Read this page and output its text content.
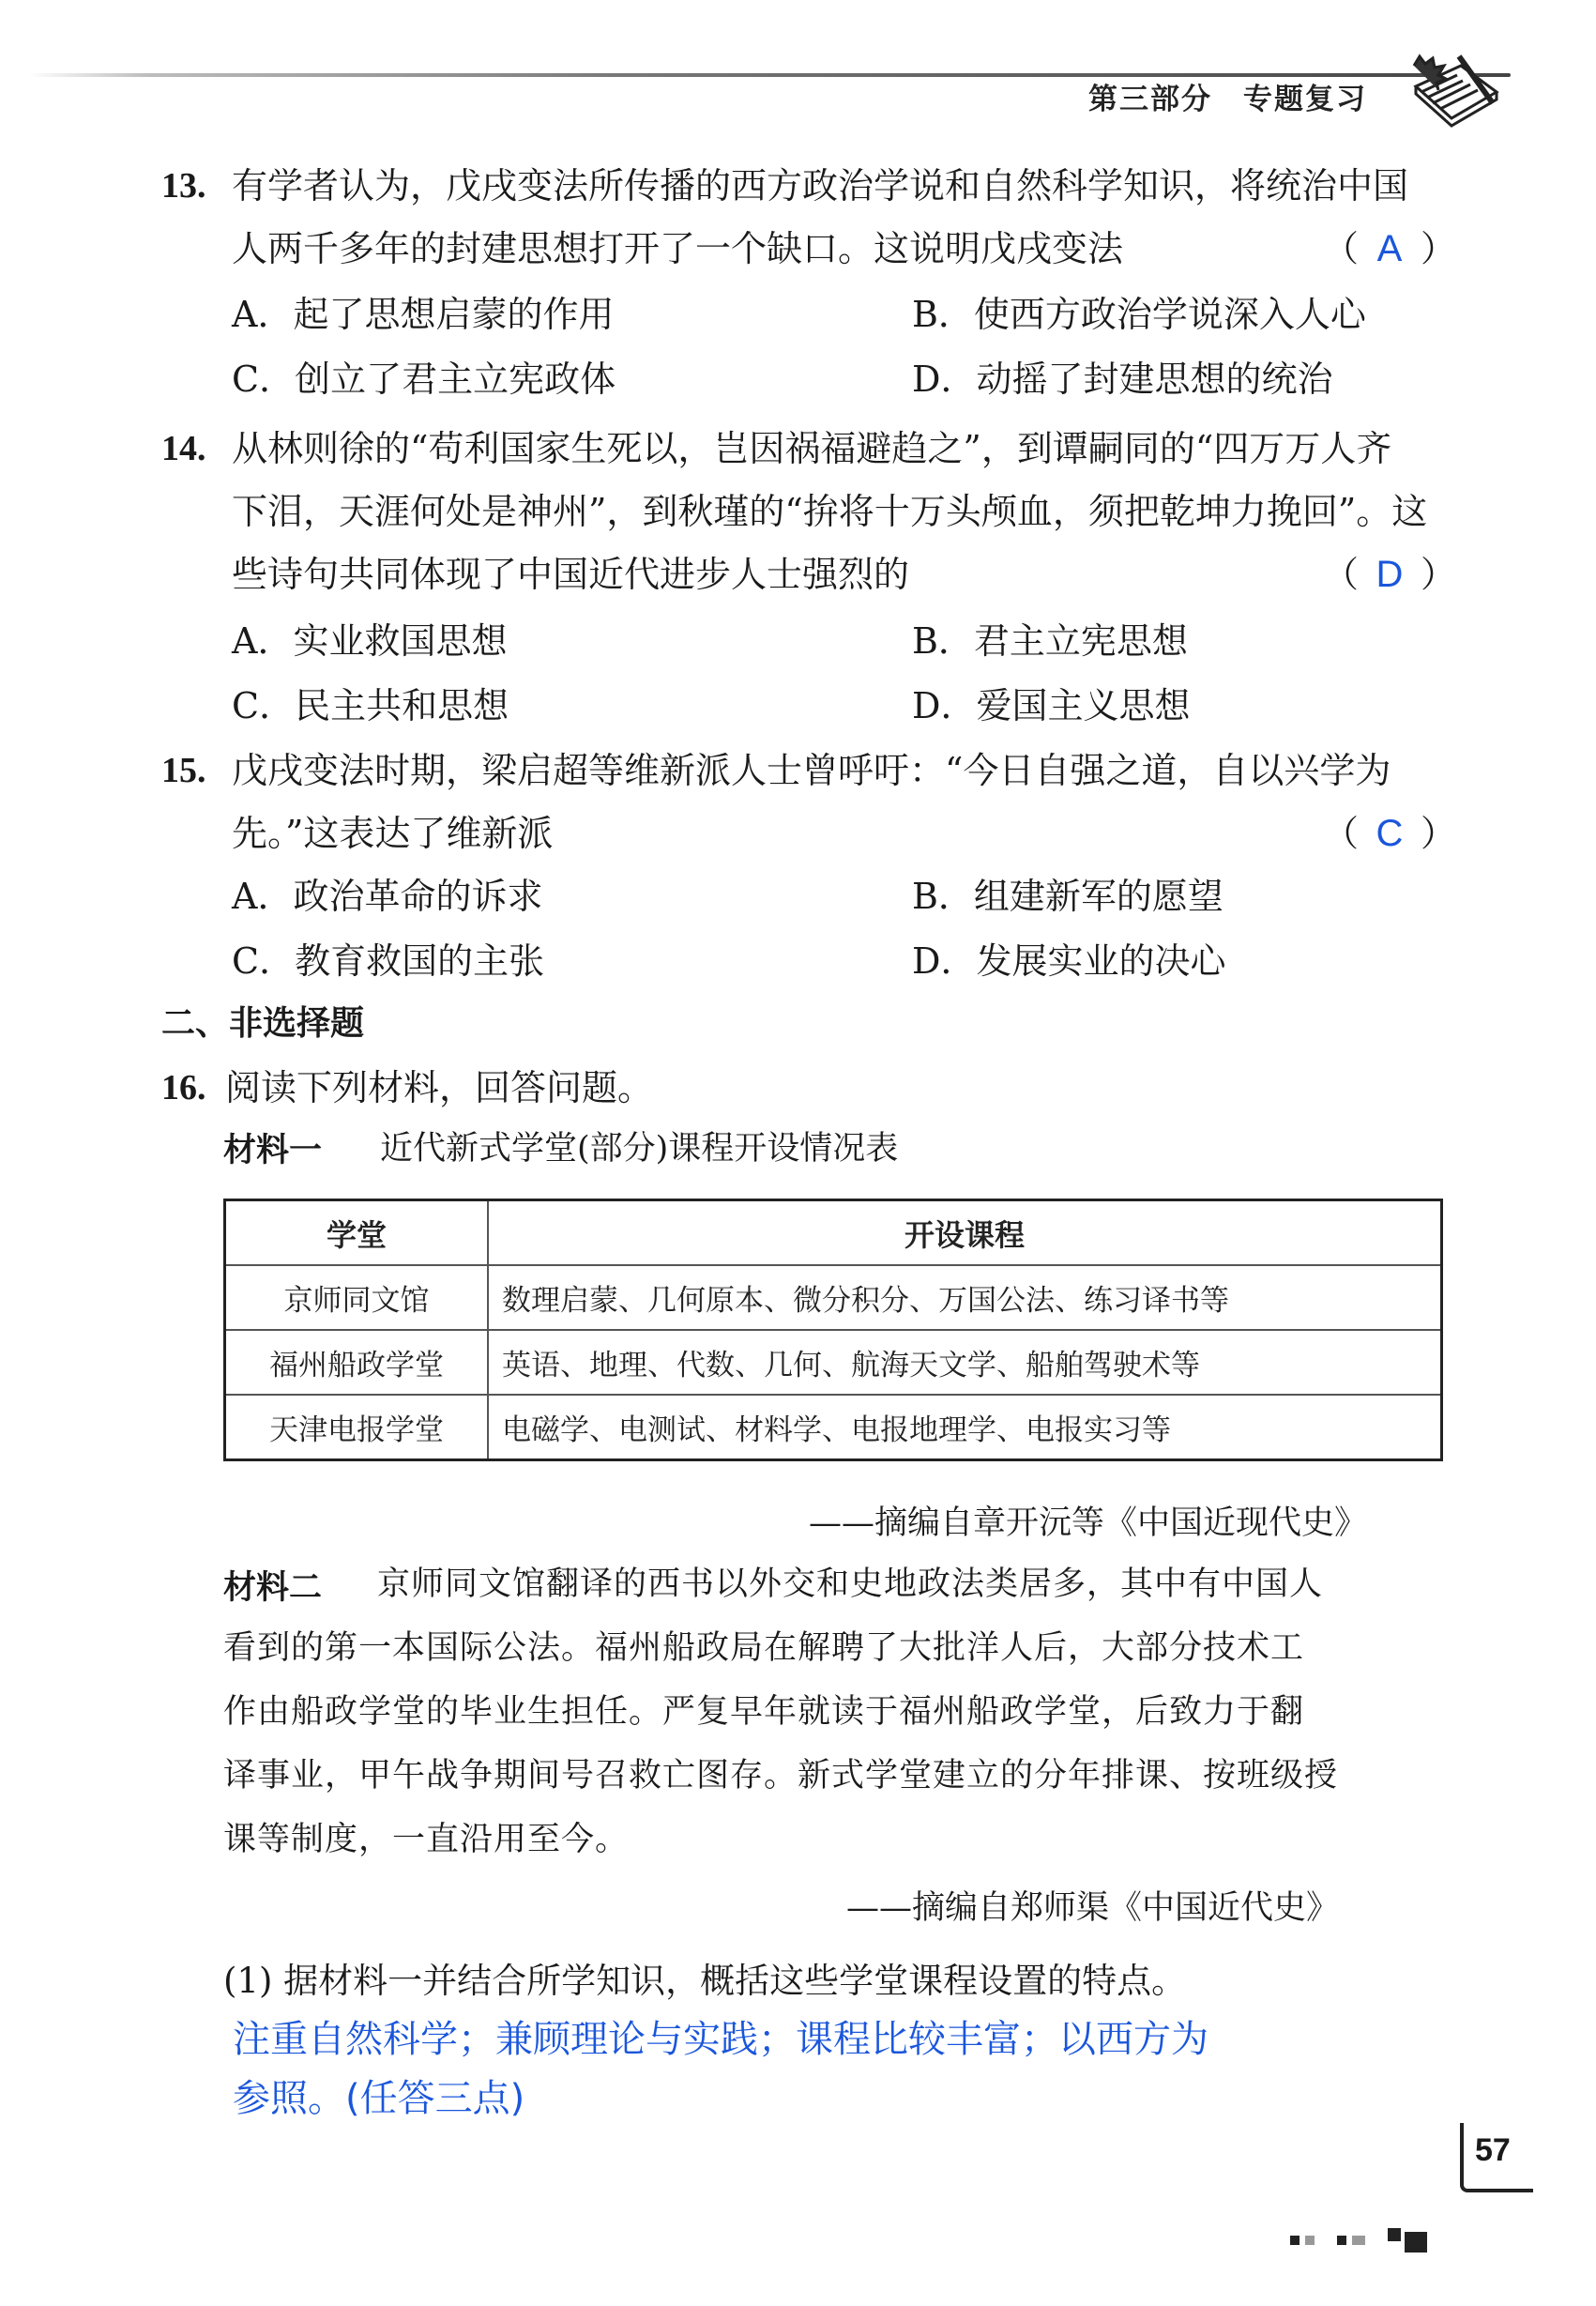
第三部分　专题复习
13. 有学者认为，戊戌变法所传播的西方政治学说和自然科学知识，将统治中国
人两千多年的封建思想打开了一个缺口。这说明戊戌变法	（ A ）
A．起了思想启蒙的作用	B．使西方政治学说深入人心
C．创立了君主立宪政体	D．动摇了封建思想的统治
14. 从林则徐的“苟利国家生死以，岂因祸福避趋之”，到谭嗣同的“四万万人齐
下泪，天涯何处是神州”，到秋瑾的“拚将十万头颅血，须把乾坤力挽回”。这
些诗句共同体现了中国近代进步人士强烈的	（ D ）
A．实业救国思想	B．君主立宪思想
C．民主共和思想	D．爱国主义思想
15. 戊戌变法时期，梁启超等维新派人士曾呼吁：“今日自强之道，自以兴学为
先。”这表达了维新派	（ C ）
A．政治革命的诉求	B．组建新军的愿望
C．教育救国的主张	D．发展实业的决心
二、非选择题
16. 阅读下列材料，回答问题。
材料一 近代新式学堂(部分)课程开设情况表
学堂	开设课程
京师同文馆	数理启蒙、几何原本、微分积分、万国公法、练习译书等
福州船政学堂	英语、地理、代数、几何、航海天文学、船舶驾驶术等
天津电报学堂	电磁学、电测试、材料学、电报地理学、电报实习等
——摘编自章开沅等《中国近现代史》
材料二	京师同文馆翻译的西书以外交和史地政法类居多，其中有中国人
看到的第一本国际公法。福州船政局在解聘了大批洋人后，大部分技术工
作由船政学堂的毕业生担任。严复早年就读于福州船政学堂，后致力于翻
译事业，甲午战争期间号召救亡图存。新式学堂建立的分年排课、按班级授
课等制度，一直沿用至今。
——摘编自郑师渠《中国近代史》
(1) 据材料一并结合所学知识，概括这些学堂课程设置的特点。
注重自然科学；兼顾理论与实践；课程比较丰富；以西方为
参照。(任答三点)
57
